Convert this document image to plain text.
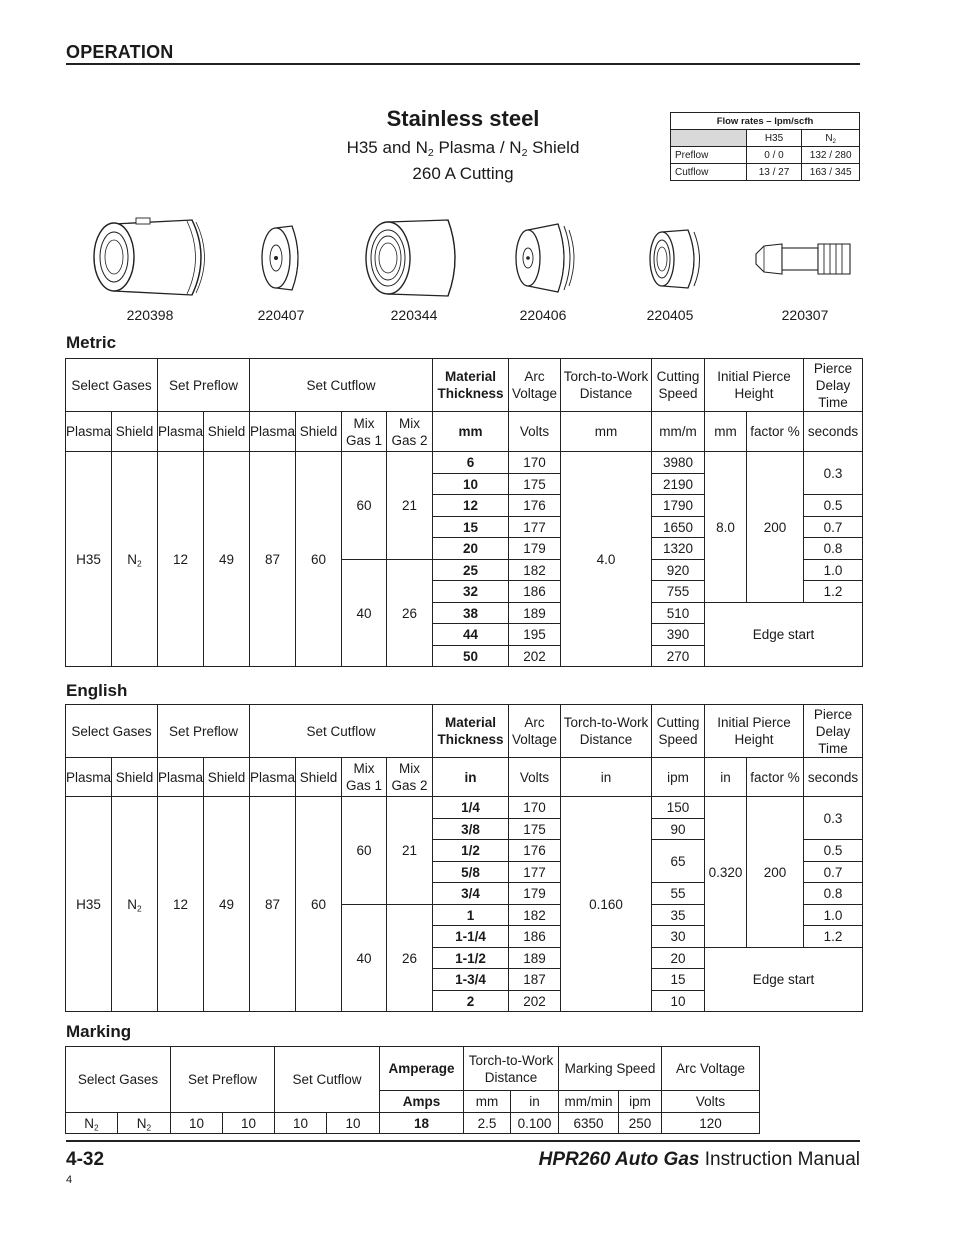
OPERATION
Stainless steel
H35 and $N_2$ Plasma / $N_2$ Shield
260 A Cutting
Flow rates – lpm/scfh		
	H35	$N_2$
Preflow	0 / 0	132 / 280
Cutflow	13 / 27	163 / 345
220398	220407	220344	220406	220405	220307
Metric
Select Gases		Set Preflow		Set Cutflow				Material Thickness	Arc Voltage	Torch-to-Work Distance	Cutting Speed	Initial Pierce Height		Pierce Delay Time
Plasma	Shield	Plasma	Shield	Plasma	Shield	Mix Gas 1	Mix Gas 2	mm	Volts	mm	mm/m	mm	factor %	seconds
H35	$N_2$	12	49	87	60	60	21	6	170	4.0	3980	8.0	200	0.3
								10	175		2190			
								12	176		1790			0.5
								15	177		1650			0.7
								20	179		1320			0.8
						40	26	25	182		920			1.0
								32	186		755			1.2
								38	189		510	Edge start		
								44	195		390			
								50	202		270			
English
Select Gases		Set Preflow		Set Cutflow				Material Thickness	Arc Voltage	Torch-to-Work Distance	Cutting Speed	Initial Pierce Height		Pierce Delay Time
Plasma	Shield	Plasma	Shield	Plasma	Shield	Mix Gas 1	Mix Gas 2	in	Volts	in	ipm	in	factor %	seconds
H35	$N_2$	12	49	87	60	60	21	1/4	170	0.160	150	0.320	200	0.3
								3/8	175		90			
								1/2	176		65			0.5
								5/8	177					0.7
								3/4	179		55			0.8
						40	26	1	182		35			1.0
								1-1/4	186		30			1.2
								1-1/2	189		20	Edge start		
								1-3/4	187		15			
								2	202		10			
Marking
Select Gases		Set Preflow		Set Cutflow		Amperage	Torch-to-Work Distance		Marking Speed		Arc Voltage
						Amps	mm	in	mm/min	ipm	Volts
$N_2$	$N_2$	10	10	10	10	18	2.5	0.100	6350	250	120
4-32	HPR260 Auto Gas Instruction Manual
4
